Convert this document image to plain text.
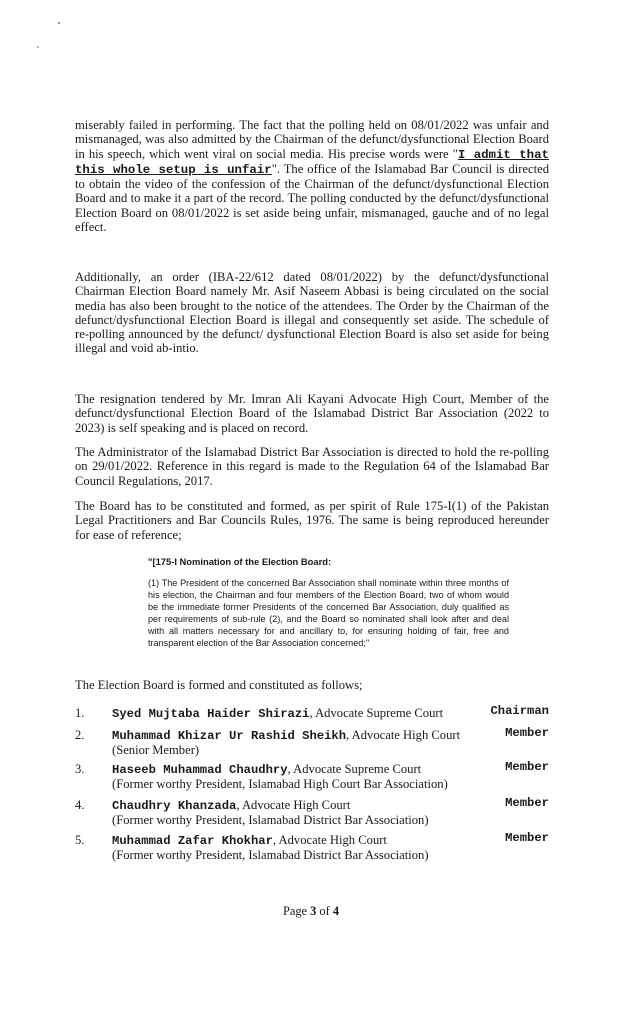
miserably failed in performing. The fact that the polling held on 08/01/2022 was unfair and mismanaged, was also admitted by the Chairman of the defunct/dysfunctional Election Board in his speech, which went viral on social media. His precise words were "I admit that this whole setup is unfair". The office of the Islamabad Bar Council is directed to obtain the video of the confession of the Chairman of the defunct/dysfunctional Election Board and to make it a part of the record. The polling conducted by the defunct/dysfunctional Election Board on 08/01/2022 is set aside being unfair, mismanaged, gauche and of no legal effect.

Additionally, an order (IBA-22/612 dated 08/01/2022) by the defunct/dysfunctional Chairman Election Board namely Mr. Asif Naseem Abbasi is being circulated on the social media has also been brought to the notice of the attendees. The Order by the Chairman of the defunct/dysfunctional Election Board is illegal and consequently set aside. The schedule of re-polling announced by the defunct/ dysfunctional Election Board is also set aside for being illegal and void ab-intio.

The resignation tendered by Mr. Imran Ali Kayani Advocate High Court, Member of the defunct/dysfunctional Election Board of the Islamabad District Bar Association (2022 to 2023) is self speaking and is placed on record.

The Administrator of the Islamabad District Bar Association is directed to hold the re-polling on 29/01/2022. Reference in this regard is made to the Regulation 64 of the Islamabad Bar Council Regulations, 2017.

The Board has to be constituted and formed, as per spirit of Rule 175-I(1) of the Pakistan Legal Practitioners and Bar Councils Rules, 1976. The same is being reproduced hereunder for ease of reference;

"[175-I Nomination of the Election Board:
(1) The President of the concerned Bar Association shall nominate within three months of his election, the Chairman and four members of the Election Board, two of whom would be the immediate former Presidents of the concerned Bar Association, duly qualified as per requirements of sub-rule (2), and the Board so nominated shall look after and deal with all matters necessary for and ancillary to, for ensuring holding of fair, free and transparent election of the Bar Association concerned;"
The Election Board is formed and constituted as follows;
1. Syed Mujtaba Haider Shirazi, Advocate Supreme Court	Chairman
2. Muhammad Khizar Ur Rashid Sheikh, Advocate High Court
(Senior Member)
Member
3. Haseeb Muhammad Chaudhry, Advocate Supreme Court
(Former worthy President, Islamabad High Court Bar Association)
Member
4. Chaudhry Khanzada, Advocate High Court
(Former worthy President, Islamabad District Bar Association)
Member
5. Muhammad Zafar Khokhar, Advocate High Court
(Former worthy President, Islamabad District Bar Association)
Member
Page 3 of 4
